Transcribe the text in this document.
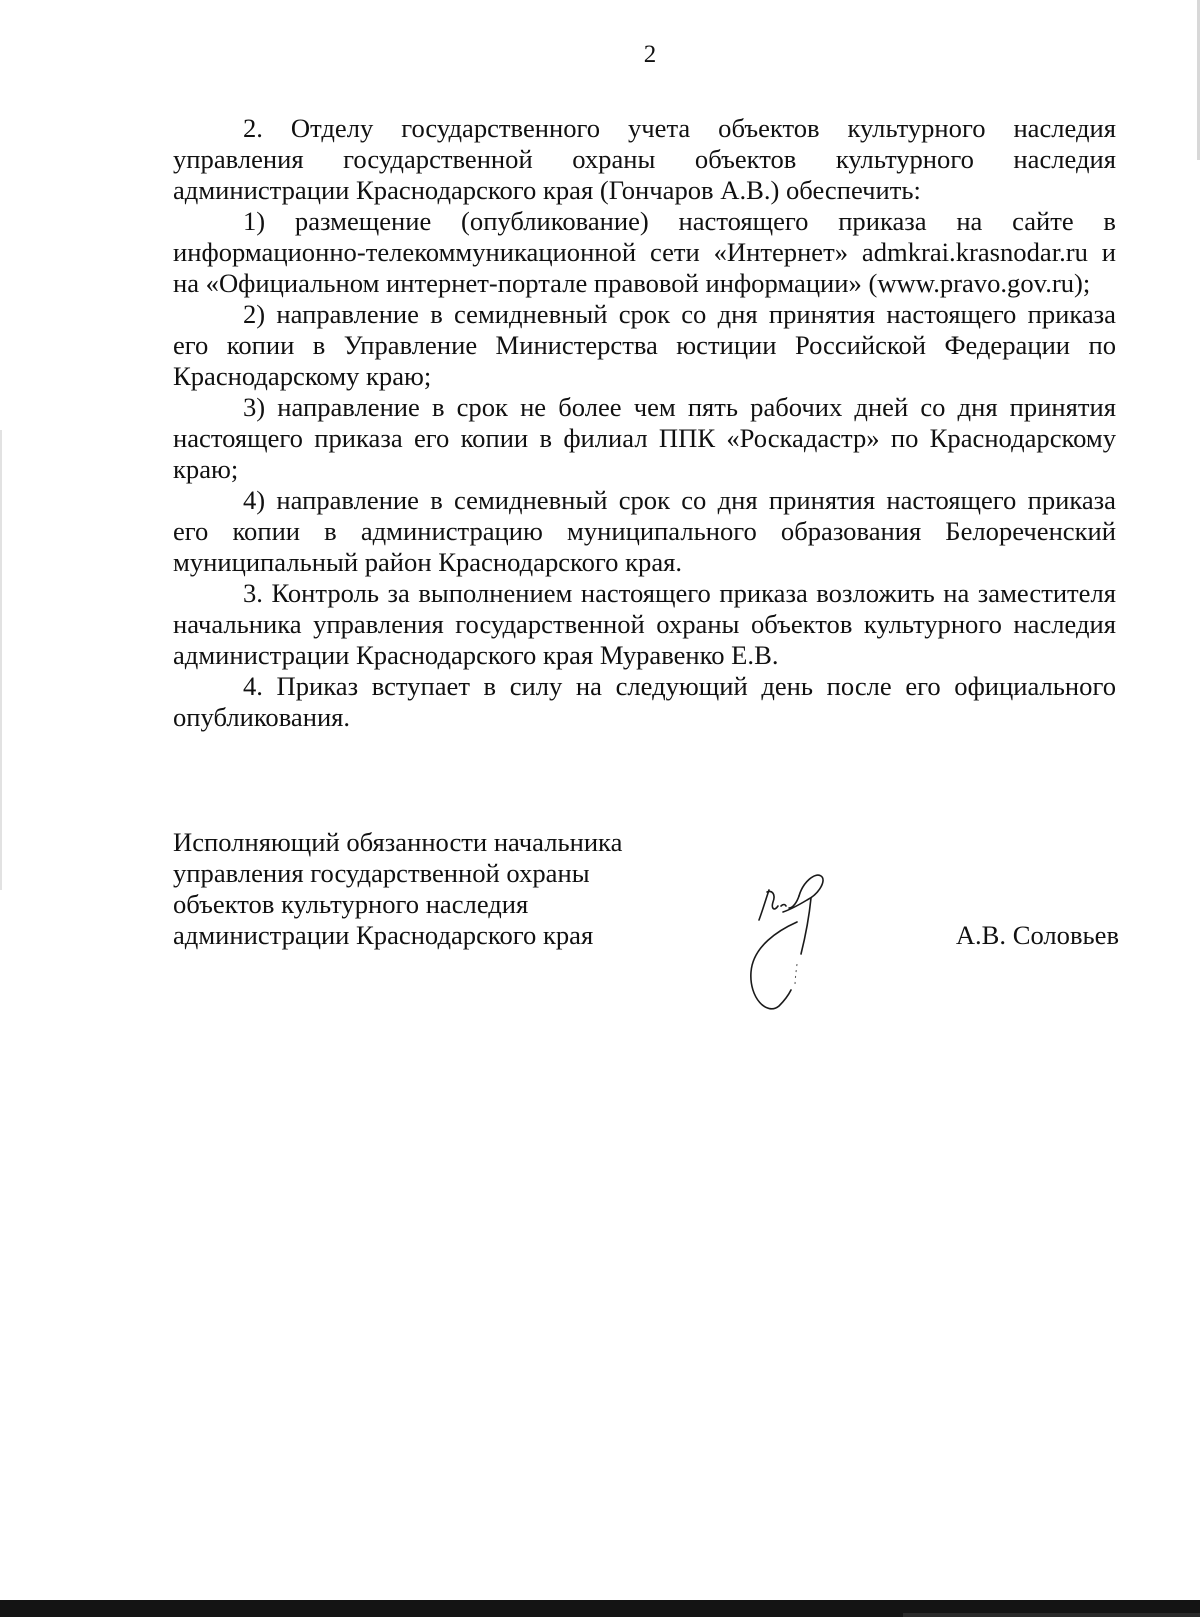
2

2. Отделу государственного учета объектов культурного наследия управления государственной охраны объектов культурного наследия администрации Краснодарского края (Гончаров А.В.) обеспечить:

1) размещение (опубликование) настоящего приказа на сайте в информационно-телекоммуникационной сети «Интернет» admkrai.krasnodar.ru и на «Официальном интернет-портале правовой информации» (www.pravo.gov.ru);

2) направление в семидневный срок со дня принятия настоящего приказа его копии в Управление Министерства юстиции Российской Федерации по Краснодарскому краю;

3) направление в срок не более чем пять рабочих дней со дня принятия настоящего приказа его копии в филиал ППК «Роскадастр» по Краснодарскому краю;

4) направление в семидневный срок со дня принятия настоящего приказа его копии в администрацию муниципального образования Белореченский муниципальный район Краснодарского края.

3. Контроль за выполнением настоящего приказа возложить на заместителя начальника управления государственной охраны объектов культурного наследия администрации Краснодарского края Муравенко Е.В.

4. Приказ вступает в силу на следующий день после его официального опубликования.

Исполняющий обязанности начальника
управления государственной охраны
объектов культурного наследия
администрации Краснодарского края	А.В. Соловьев
